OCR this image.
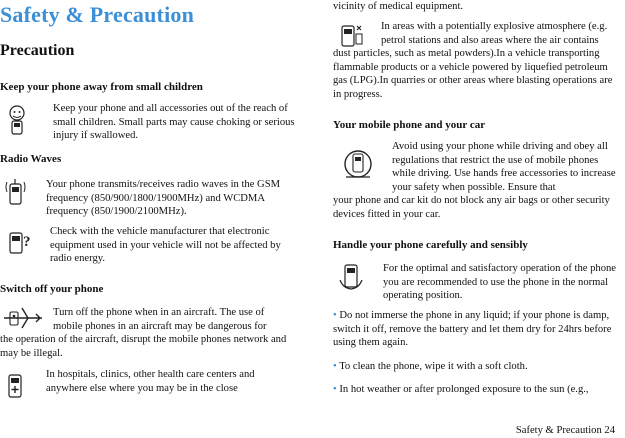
Safety & Precaution
Precaution
Keep your phone away from small children
Keep your phone and all accessories out of the reach of small children. Small parts may cause choking or serious injury if swallowed.
Radio Waves
Your phone transmits/receives radio waves in the GSM frequency (850/900/1800/1900MHz) and WCDMA frequency (850/1900/2100MHz).
?
Check with the vehicle manufacturer that electronic equipment used in your vehicle will not be affected by radio energy.
Switch off your phone
Turn off the phone when in an aircraft. The use of mobile phones in an aircraft may be dangerous for
the operation of the aircraft, disrupt the mobile phones network and may be illegal.
In hospitals, clinics, other health care centers and anywhere else where you may be in the close
vicinity of medical equipment.
In areas with a potentially explosive atmosphere (e.g. petrol stations and also areas where the air contains
dust particles, such as metal powders).In a vehicle transporting flammable products or a vehicle powered by liquefied petroleum gas (LPG).In quarries or other areas where blasting operations are in progress.
Your mobile phone and your car
Avoid using your phone while driving and obey all regulations that restrict the use of mobile phones while driving. Use hands free accessories to increase your safety when possible. Ensure that
your phone and car kit do not block any air bags or other security devices fitted in your car.
Handle your phone carefully and sensibly
For the optimal and satisfactory operation of the phone you are recommended to use the phone in the normal operating position.
• Do not immerse the phone in any liquid; if your phone is damp, switch it off, remove the battery and let them dry for 24hrs before using them again.
• To clean the phone, wipe it with a soft cloth.
• In hot weather or after prolonged exposure to the sun (e.g.,
Safety & Precaution 24
